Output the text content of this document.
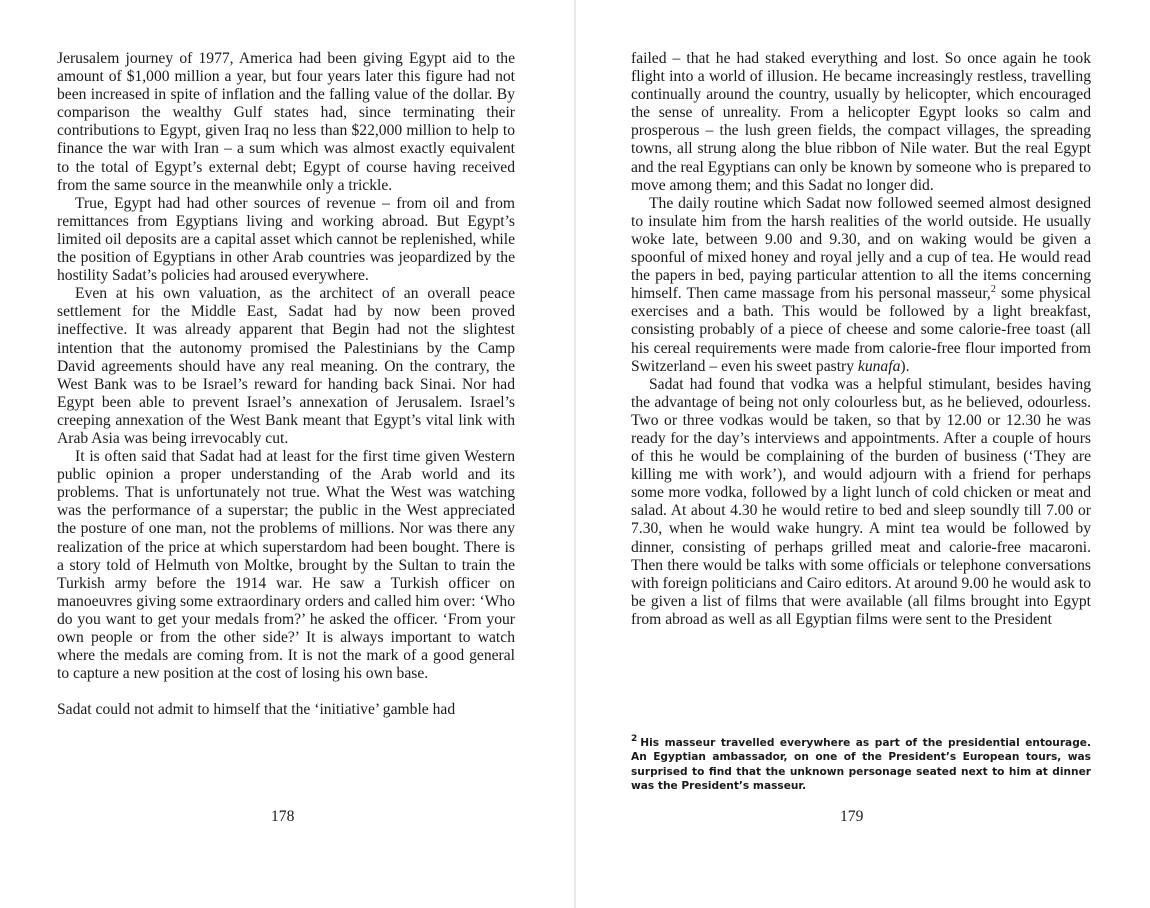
Jerusalem journey of 1977, America had been giving Egypt aid to the amount of $1,000 million a year, but four years later this figure had not been increased in spite of inflation and the falling value of the dollar. By comparison the wealthy Gulf states had, since terminating their contributions to Egypt, given Iraq no less than $22,000 million to help to finance the war with Iran – a sum which was almost exactly equivalent to the total of Egypt’s external debt; Egypt of course having received from the same source in the meanwhile only a trickle.

True, Egypt had had other sources of revenue – from oil and from remittances from Egyptians living and working abroad. But Egypt’s limited oil deposits are a capital asset which cannot be replenished, while the position of Egyptians in other Arab countries was jeopardized by the hostility Sadat’s policies had aroused everywhere.

Even at his own valuation, as the architect of an overall peace settlement for the Middle East, Sadat had by now been proved ineffective. It was already apparent that Begin had not the slightest intention that the autonomy promised the Palestinians by the Camp David agreements should have any real meaning. On the contrary, the West Bank was to be Israel’s reward for handing back Sinai. Nor had Egypt been able to prevent Israel’s annexation of Jerusalem. Israel’s creeping annexation of the West Bank meant that Egypt’s vital link with Arab Asia was being irrevocably cut.

It is often said that Sadat had at least for the first time given Western public opinion a proper understanding of the Arab world and its problems. That is unfortunately not true. What the West was watching was the performance of a superstar; the public in the West appreciated the posture of one man, not the problems of millions. Nor was there any realization of the price at which superstardom had been bought. There is a story told of Helmuth von Moltke, brought by the Sultan to train the Turkish army before the 1914 war. He saw a Turkish officer on manoeuvres giving some extraordinary orders and called him over: ‘Who do you want to get your medals from?’ he asked the officer. ‘From your own people or from the other side?’ It is always important to watch where the medals are coming from. It is not the mark of a good general to capture a new position at the cost of losing his own base.

Sadat could not admit to himself that the ‘initiative’ gamble had

178

failed – that he had staked everything and lost. So once again he took flight into a world of illusion. He became increasingly restless, travelling continually around the country, usually by helicopter, which encouraged the sense of unreality. From a helicopter Egypt looks so calm and prosperous – the lush green fields, the compact villages, the spreading towns, all strung along the blue ribbon of Nile water. But the real Egypt and the real Egyptians can only be known by someone who is prepared to move among them; and this Sadat no longer did.

The daily routine which Sadat now followed seemed almost designed to insulate him from the harsh realities of the world outside. He usually woke late, between 9.00 and 9.30, and on waking would be given a spoonful of mixed honey and royal jelly and a cup of tea. He would read the papers in bed, paying particular attention to all the items concerning himself. Then came massage from his personal masseur,$^2$ some physical exercises and a bath. This would be followed by a light breakfast, consisting probably of a piece of cheese and some calorie-free toast (all his cereal requirements were made from calorie-free flour imported from Switzerland – even his sweet pastry kunafa).

Sadat had found that vodka was a helpful stimulant, besides having the advantage of being not only colourless but, as he believed, odourless. Two or three vodkas would be taken, so that by 12.00 or 12.30 he was ready for the day’s interviews and appointments. After a couple of hours of this he would be complaining of the burden of business (‘They are killing me with work’), and would adjourn with a friend for perhaps some more vodka, followed by a light lunch of cold chicken or meat and salad. At about 4.30 he would retire to bed and sleep soundly till 7.00 or 7.30, when he would wake hungry. A mint tea would be followed by dinner, consisting of perhaps grilled meat and calorie-free macaroni. Then there would be talks with some officials or telephone conversations with foreign politicians and Cairo editors. At around 9.00 he would ask to be given a list of films that were available (all films brought into Egypt from abroad as well as all Egyptian films were sent to the President

$^2$ His masseur travelled everywhere as part of the presidential entourage. An Egyptian ambassador, on one of the President’s European tours, was surprised to find that the unknown personage seated next to him at dinner was the President’s masseur.
179
